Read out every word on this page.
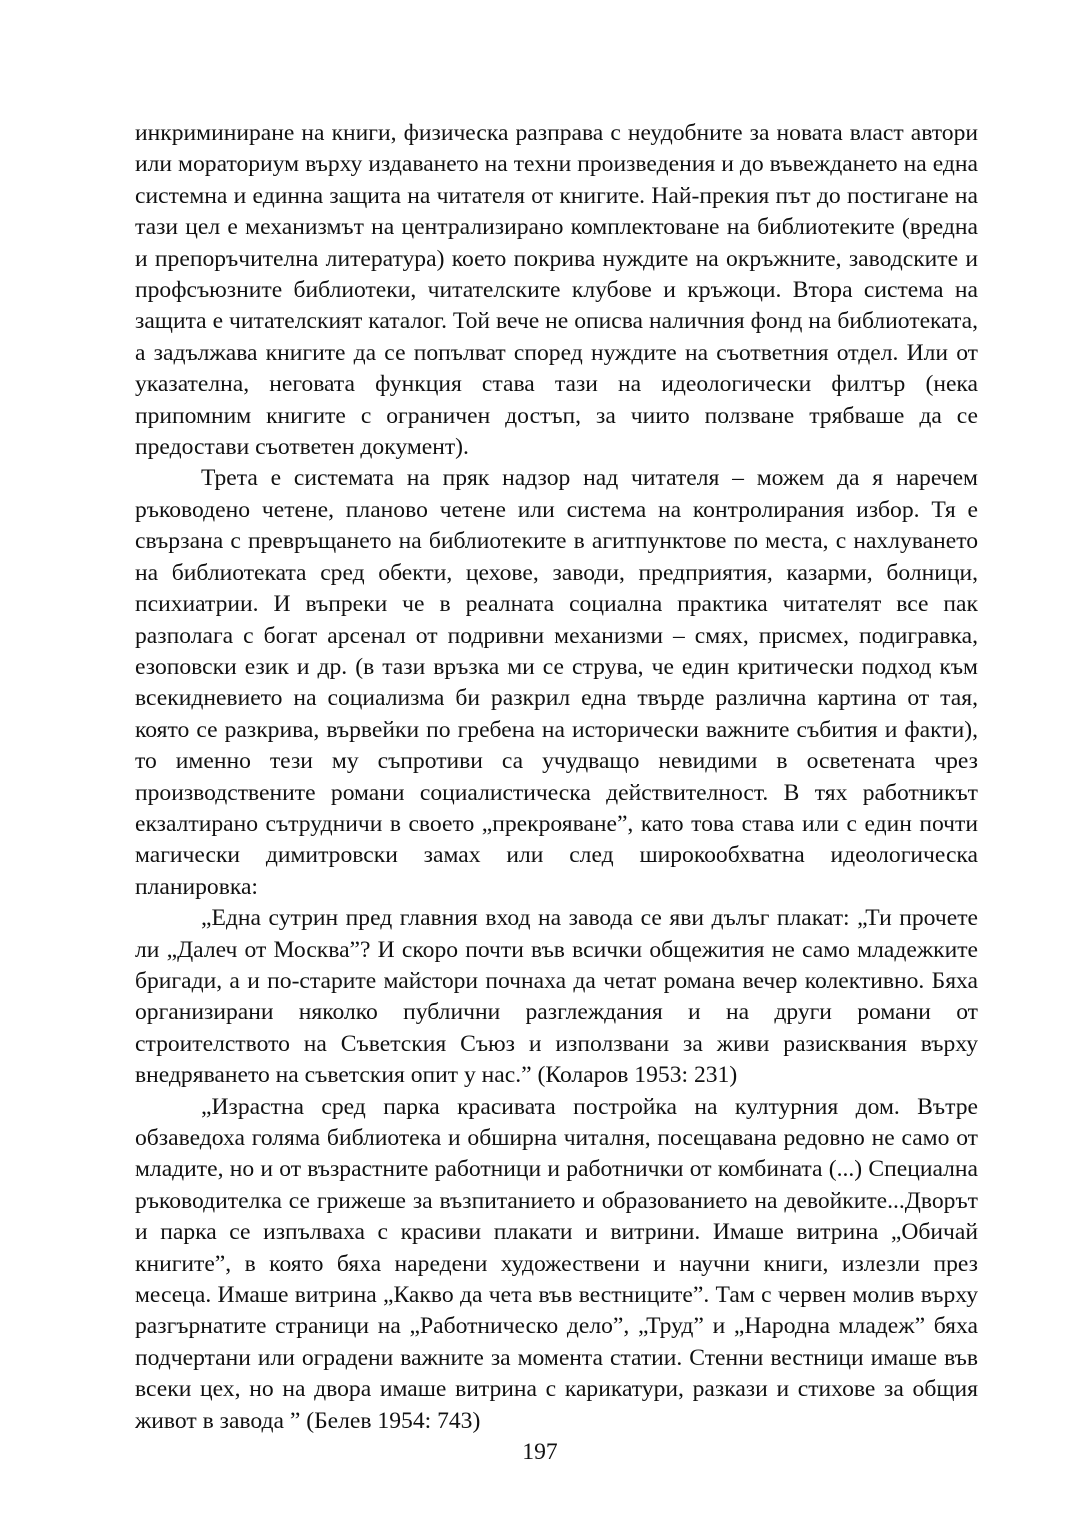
инкриминиране на книги, физическа разправа с неудобните за новата власт автори или мораториум върху издаването на техни произведения и до въвеждането на една системна и единна защита на читателя от книгите. Най-прекия път до постигане на тази цел е механизмът на централизирано комплектоване на библиотеките (вредна и препоръчителна литература) което покрива нуждите на окръжните, заводските и профсъюзните библиотеки, читателските клубове и кръжоци. Втора система на защита е читателският каталог. Той вече не описва наличния фонд на библиотеката, а задължава книгите да се попълват според нуждите на съответния отдел. Или от указателна, неговата функция става тази на идеологически филтър (нека припомним книгите с ограничен достъп, за чиито ползване трябваше да се предостави съответен документ).

Трета е системата на пряк надзор над читателя – можем да я наречем ръководено четене, планово четене или система на контролирания избор. Тя е свързана с превръщането на библиотеките в агитпунктове по места, с нахлуването на библиотеката сред обекти, цехове, заводи, предприятия, казарми, болници, психиатрии. И въпреки че в реалната социална практика читателят все пак разполага с богат арсенал от подривни механизми – смях, присмех, подигравка, езоповски език и др. (в тази връзка ми се струва, че един критически подход към всекидневието на социализма би разкрил една твърде различна картина от тая, която се разкрива, вървейки по гребена на исторически важните събития и факти), то именно тези му съпротиви са учудващо невидими в осветената чрез производствените романи социалистическа действителност. В тях работникът екзалтирано сътрудничи в своето „прекрояване”, като това става или с един почти магически димитровски замах или след широкообхватна идеологическа планировка:

„Една сутрин пред главния вход на завода се яви дълъг плакат: „Ти прочете ли „Далеч от Москва”? И скоро почти във всички общежития не само младежките бригади, а и по-старите майстори почнаха да четат романа вечер колективно. Бяха организирани няколко публични разглеждания и на други романи от строителството на Съветския Съюз и използвани за живи разисквания върху внедряването на съветския опит у нас.” (Коларов 1953: 231)

„Израстна сред парка красивата постройка на културния дом. Вътре обзаведоха голяма библиотека и обширна читалня, посещавана редовно не само от младите, но и от възрастните работници и работнички от комбината (...) Специална ръководителка се грижеше за възпитанието и образованието на девойките...Дворът и парка се изпълваха с красиви плакати и витрини. Имаше витрина „Обичай книгите”, в която бяха наредени художествени и научни книги, излезли през месеца. Имаше витрина „Какво да чета във вестниците”. Там с червен молив върху разгърнатите страници на „Работническо дело”, „Труд” и „Народна младеж” бяха подчертани или оградени важните за момента статии. Стенни вестници имаше във всеки цех, но на двора имаше витрина с карикатури, разкази и стихове за общия живот в завода ” (Белев 1954: 743)

197
